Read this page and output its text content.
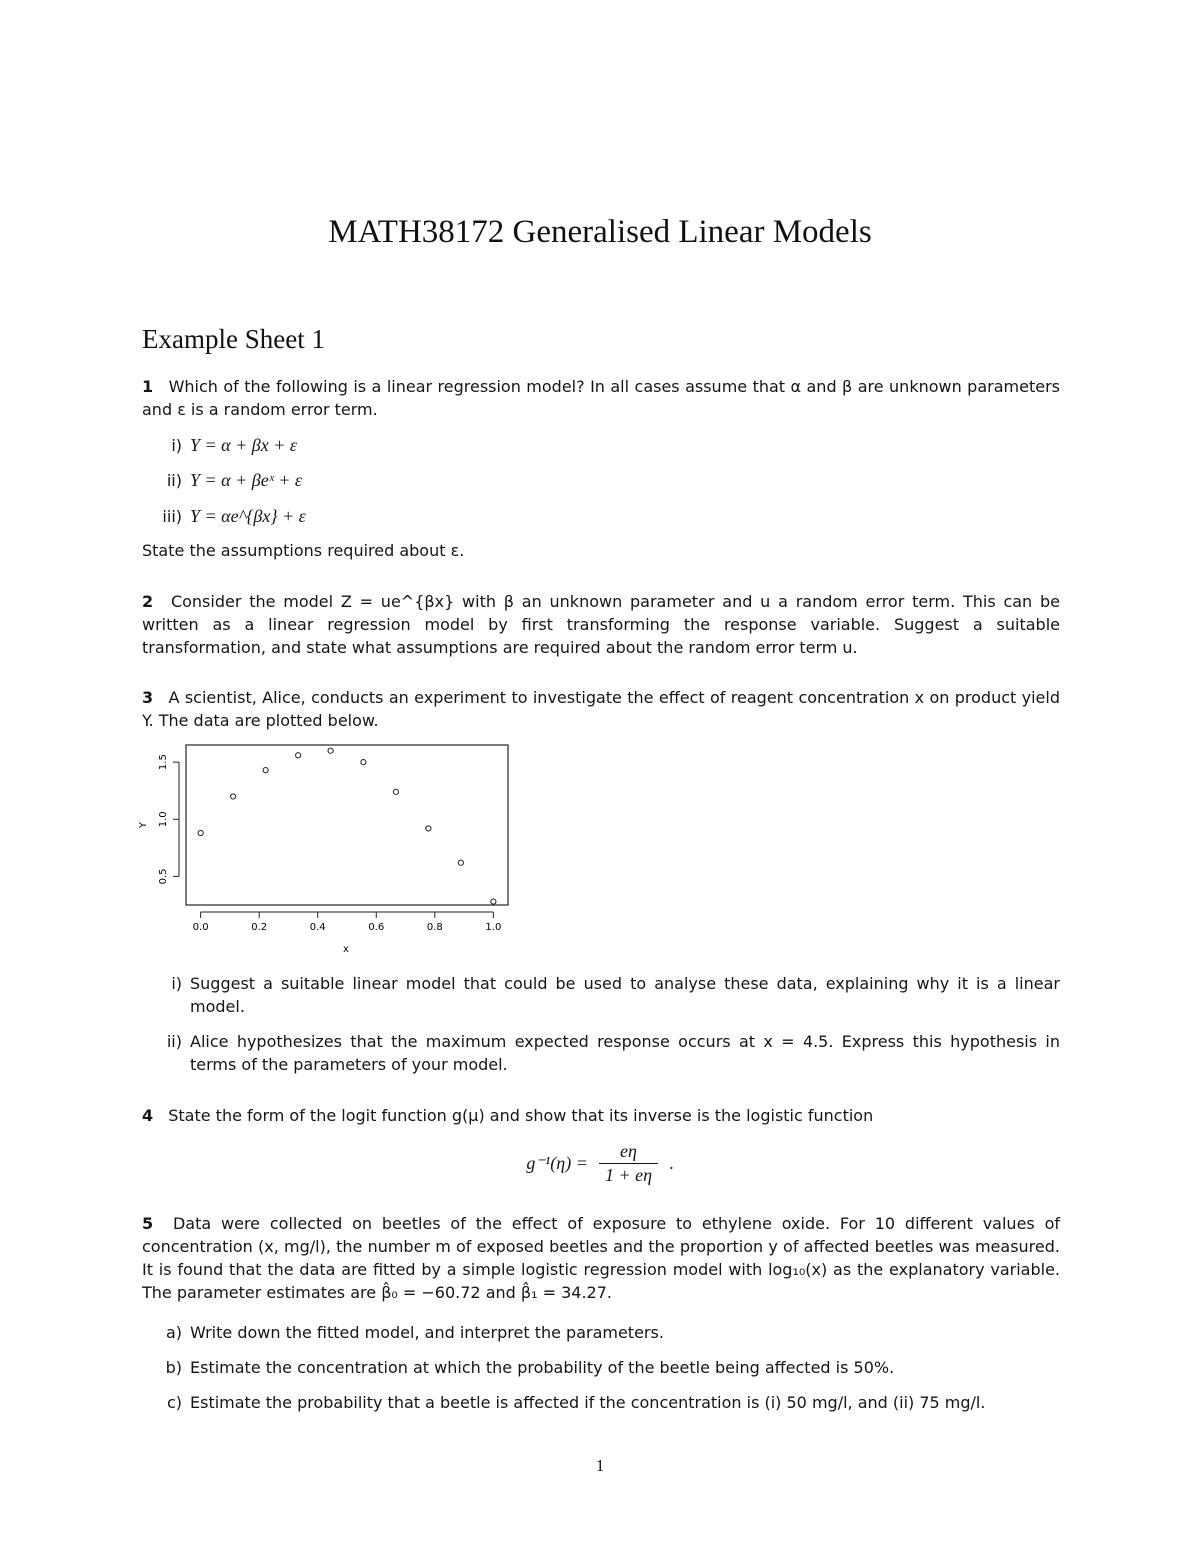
MATH38172 Generalised Linear Models
Example Sheet 1
1 Which of the following is a linear regression model? In all cases assume that α and β are unknown parameters and ε is a random error term.
i) Y = α + βx + ε
ii) Y = α + βeˣ + ε
iii) Y = αe^{βx} + ε
State the assumptions required about ε.
2 Consider the model Z = ue^{βx} with β an unknown parameter and u a random error term. This can be written as a linear regression model by first transforming the response variable. Suggest a suitable transformation, and state what assumptions are required about the random error term u.
3 A scientist, Alice, conducts an experiment to investigate the effect of reagent concentration x on product yield Y. The data are plotted below.
0.0	0.2	0.4	0.6	0.8	1.0
0.5
1.0
1.5
x
Y
i) Suggest a suitable linear model that could be used to analyse these data, explaining why it is a linear model.
ii) Alice hypothesizes that the maximum expected response occurs at x = 4.5. Express this hypothesis in terms of the parameters of your model.
4 State the form of the logit function g(μ) and show that its inverse is the logistic function
$g^{-1}(\eta) = \frac{e\eta}{1 + e\eta}$ .
5 Data were collected on beetles of the effect of exposure to ethylene oxide. For 10 different values of concentration (x, mg/l), the number m of exposed beetles and the proportion y of affected beetles was measured. It is found that the data are fitted by a simple logistic regression model with log₁₀(x) as the explanatory variable. The parameter estimates are β̂₀ = −60.72 and β̂₁ = 34.27.
a) Write down the fitted model, and interpret the parameters.
b) Estimate the concentration at which the probability of the beetle being affected is 50%.
c) Estimate the probability that a beetle is affected if the concentration is (i) 50 mg/l, and (ii) 75 mg/l.
1
